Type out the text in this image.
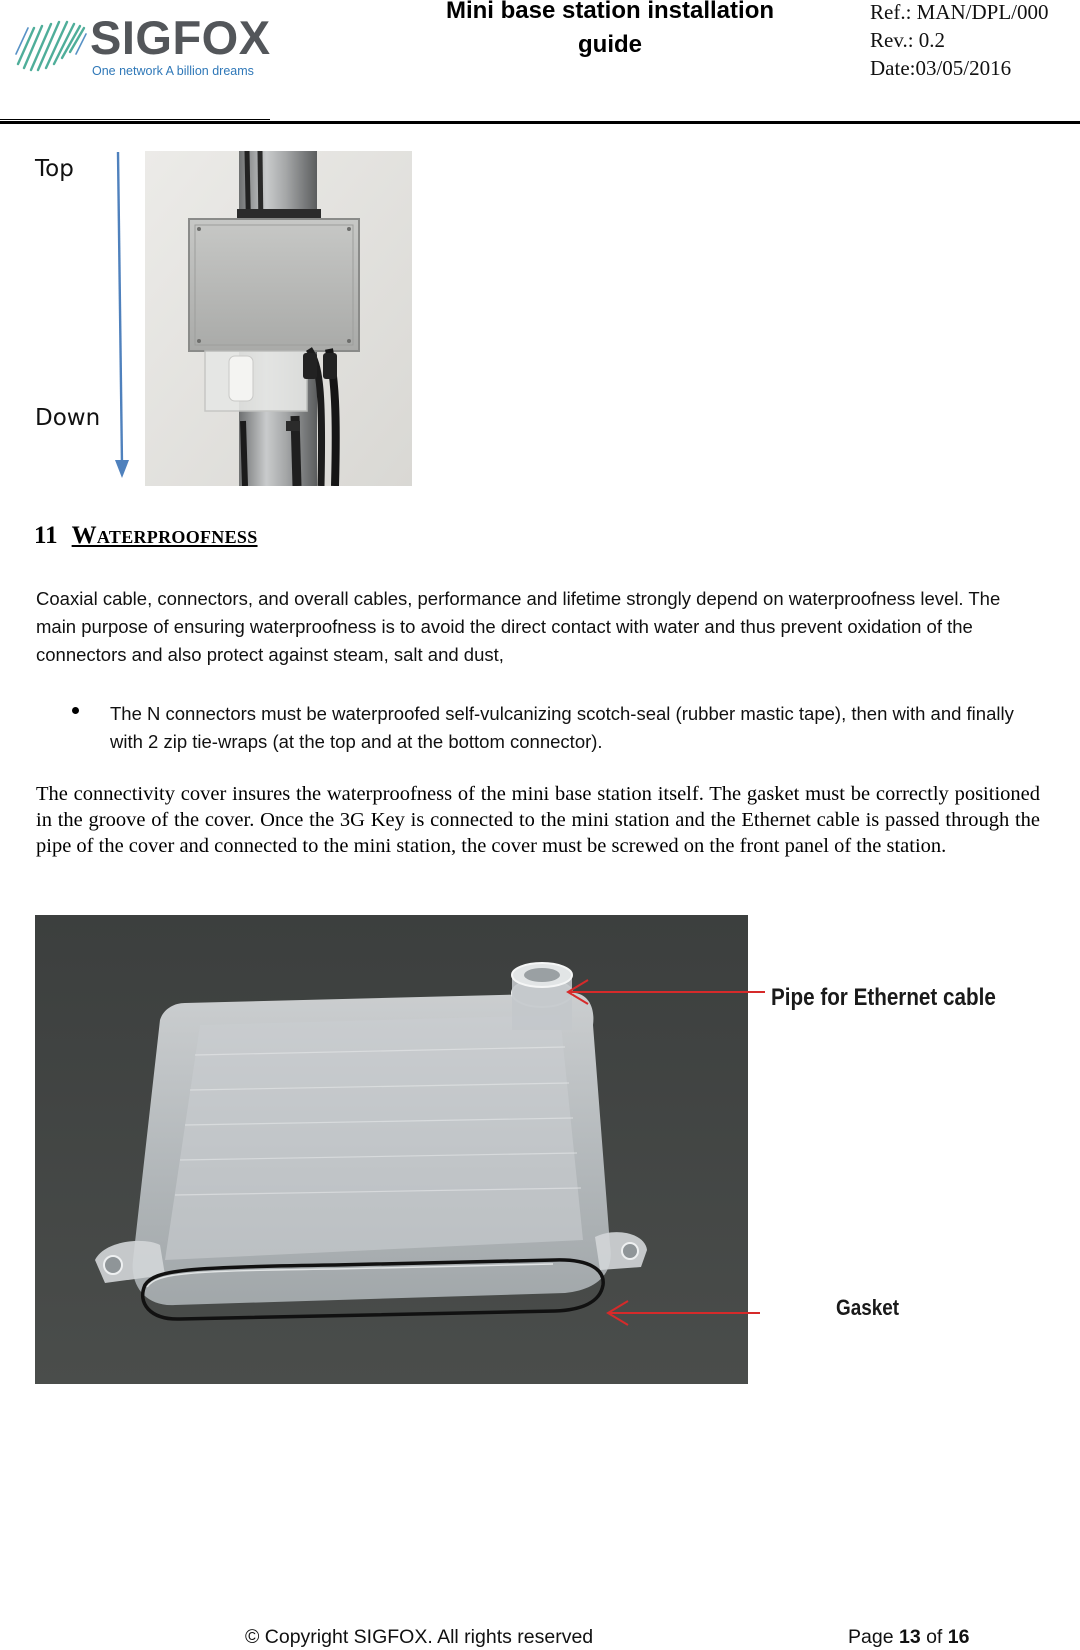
SIGFOX
One network A billion dreams
Mini base station installation
guide
Ref.: MAN/DPL/000
Rev.: 0.2
Date:03/05/2016
Top
Down
11 Waterproofness
Coaxial cable, connectors, and overall cables, performance and lifetime strongly depend on waterproofness level. The main purpose of ensuring waterproofness is to avoid the direct contact with water and thus prevent oxidation of the connectors and also protect against steam, salt and dust,
The N connectors must be waterproofed self-vulcanizing scotch-seal (rubber mastic tape), then with and finally with 2 zip tie-wraps (at the top and at the bottom connector).
The connectivity cover insures the waterproofness of the mini base station itself. The gasket must be correctly positioned in the groove of the cover. Once the 3G Key is connected to the mini station and the Ethernet cable is passed through the pipe of the cover and connected to the mini station, the cover must be screwed on the front panel of the station.
Pipe for Ethernet cable
Gasket
© Copyright SIGFOX. All rights reserved	Page 13 of 16
